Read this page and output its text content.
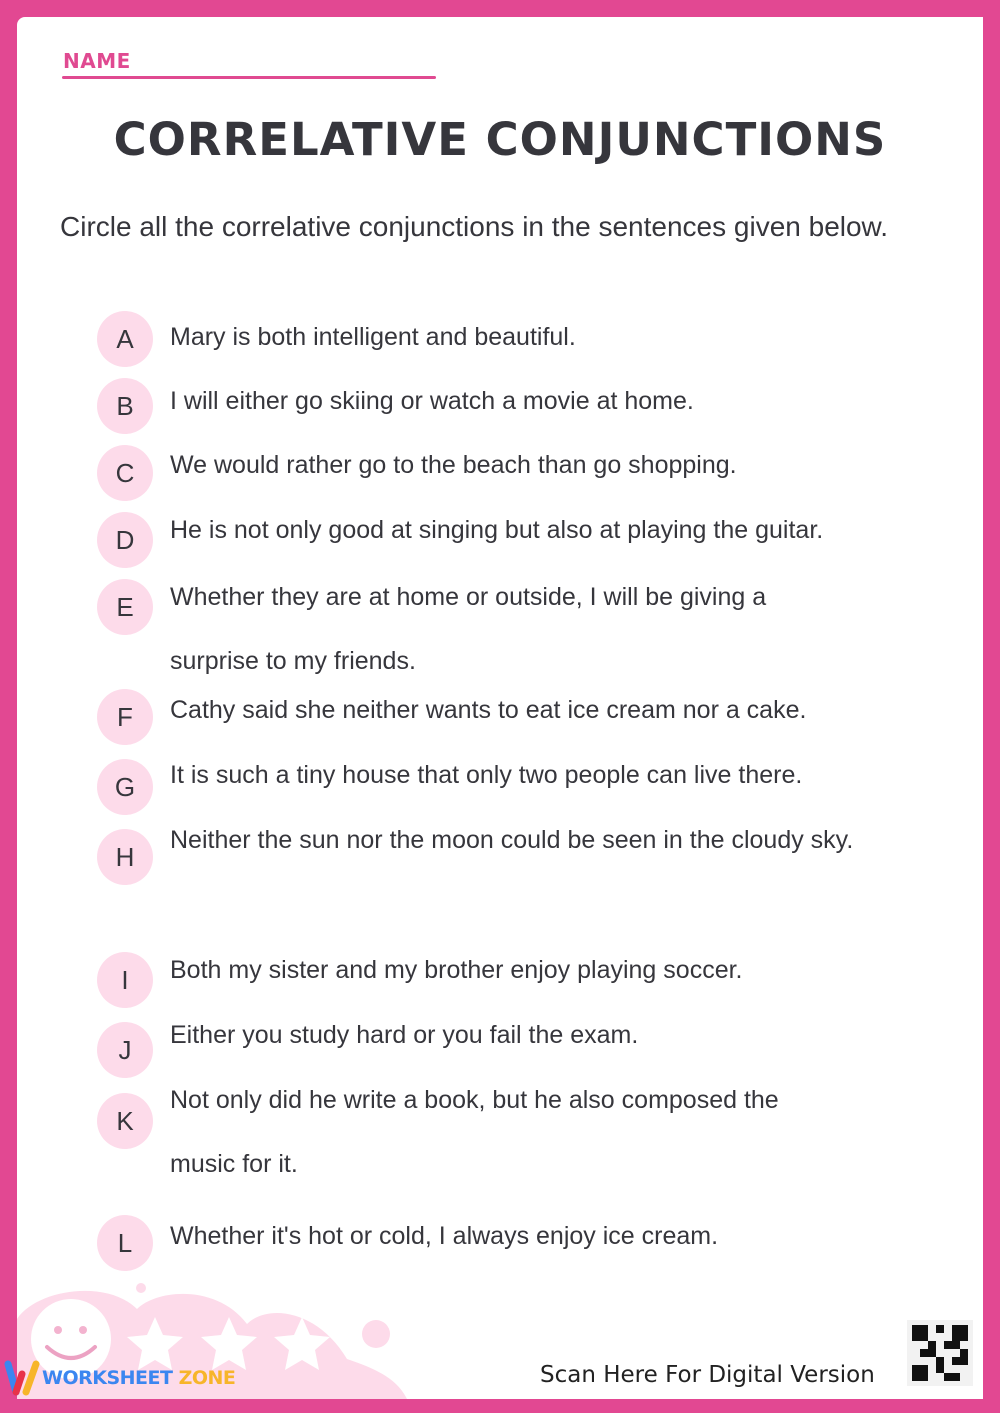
NAME
CORRELATIVE CONJUNCTIONS
Circle all the correlative conjunctions in the sentences given below.
A	Mary is both intelligent and beautiful.
B	I will either go skiing or watch a movie at home.
C	We would rather go to the beach than go shopping.
D	He is not only good at singing but also at playing the guitar.
E	Whether they are at home or outside, I will be giving a surprise to my friends.
F	Cathy said she neither wants to eat ice cream nor a cake.
G	It is such a tiny house that only two people can live there.
H
Neither the sun nor the moon could be seen in the cloudy sky.
I	Both my sister and my brother enjoy playing soccer.
J	Either you study hard or you fail the exam.
K
Not only did he write a book, but he also composed the music for it.
L	Whether it's hot or cold, I always enjoy ice cream.
WORKSHEET ZONE	Scan Here For Digital Version
